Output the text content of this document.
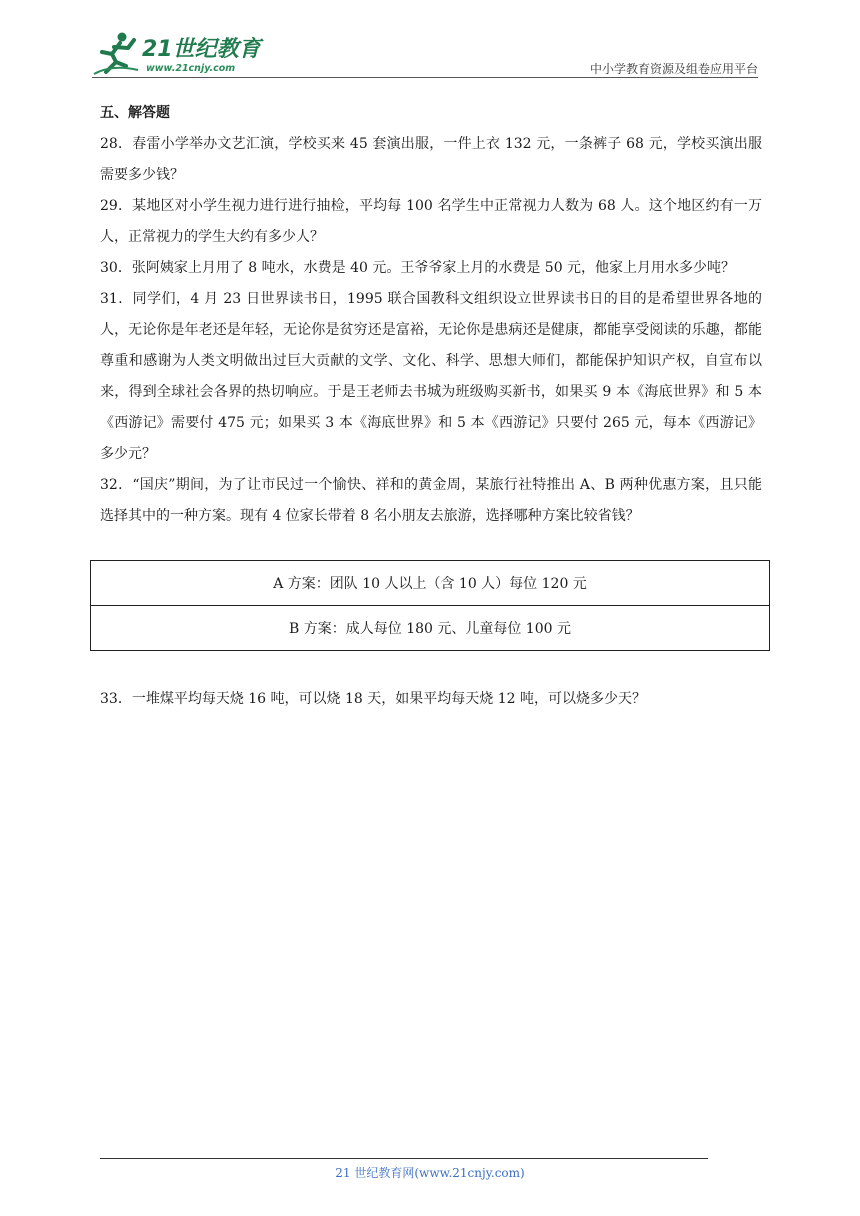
21世纪教育
www.21cnjy.com	中小学教育资源及组卷应用平台
五、解答题

28．春雷小学举办文艺汇演，学校买来 45 套演出服，一件上衣 132 元，一条裤子 68 元，学校买演出服需要多少钱？

29．某地区对小学生视力进行进行抽检，平均每 100 名学生中正常视力人数为 68 人。这个地区约有一万人，正常视力的学生大约有多少人？

30．张阿姨家上月用了 8 吨水，水费是 40 元。王爷爷家上月的水费是 50 元，他家上月用水多少吨？

31．同学们，4 月 23 日世界读书日，1995 联合国教科文组织设立世界读书日的目的是希望世界各地的人，无论你是年老还是年轻，无论你是贫穷还是富裕，无论你是患病还是健康，都能享受阅读的乐趣，都能尊重和感谢为人类文明做出过巨大贡献的文学、文化、科学、思想大师们，都能保护知识产权，自宣布以来，得到全球社会各界的热切响应。于是王老师去书城为班级购买新书，如果买 9 本《海底世界》和 5 本《西游记》需要付 475 元；如果买 3 本《海底世界》和 5 本《西游记》只要付 265 元，每本《西游记》多少元？

32．“国庆”期间，为了让市民过一个愉快、祥和的黄金周，某旅行社特推出 A、B 两种优惠方案，且只能选择其中的一种方案。现有 4 位家长带着 8 名小朋友去旅游，选择哪种方案比较省钱？

A 方案：团队 10 人以上（含 10 人）每位 120 元
B 方案：成人每位 180 元、儿童每位 100 元
33．一堆煤平均每天烧 16 吨，可以烧 18 天，如果平均每天烧 12 吨，可以烧多少天？
21 世纪教育网(www.21cnjy.com)
